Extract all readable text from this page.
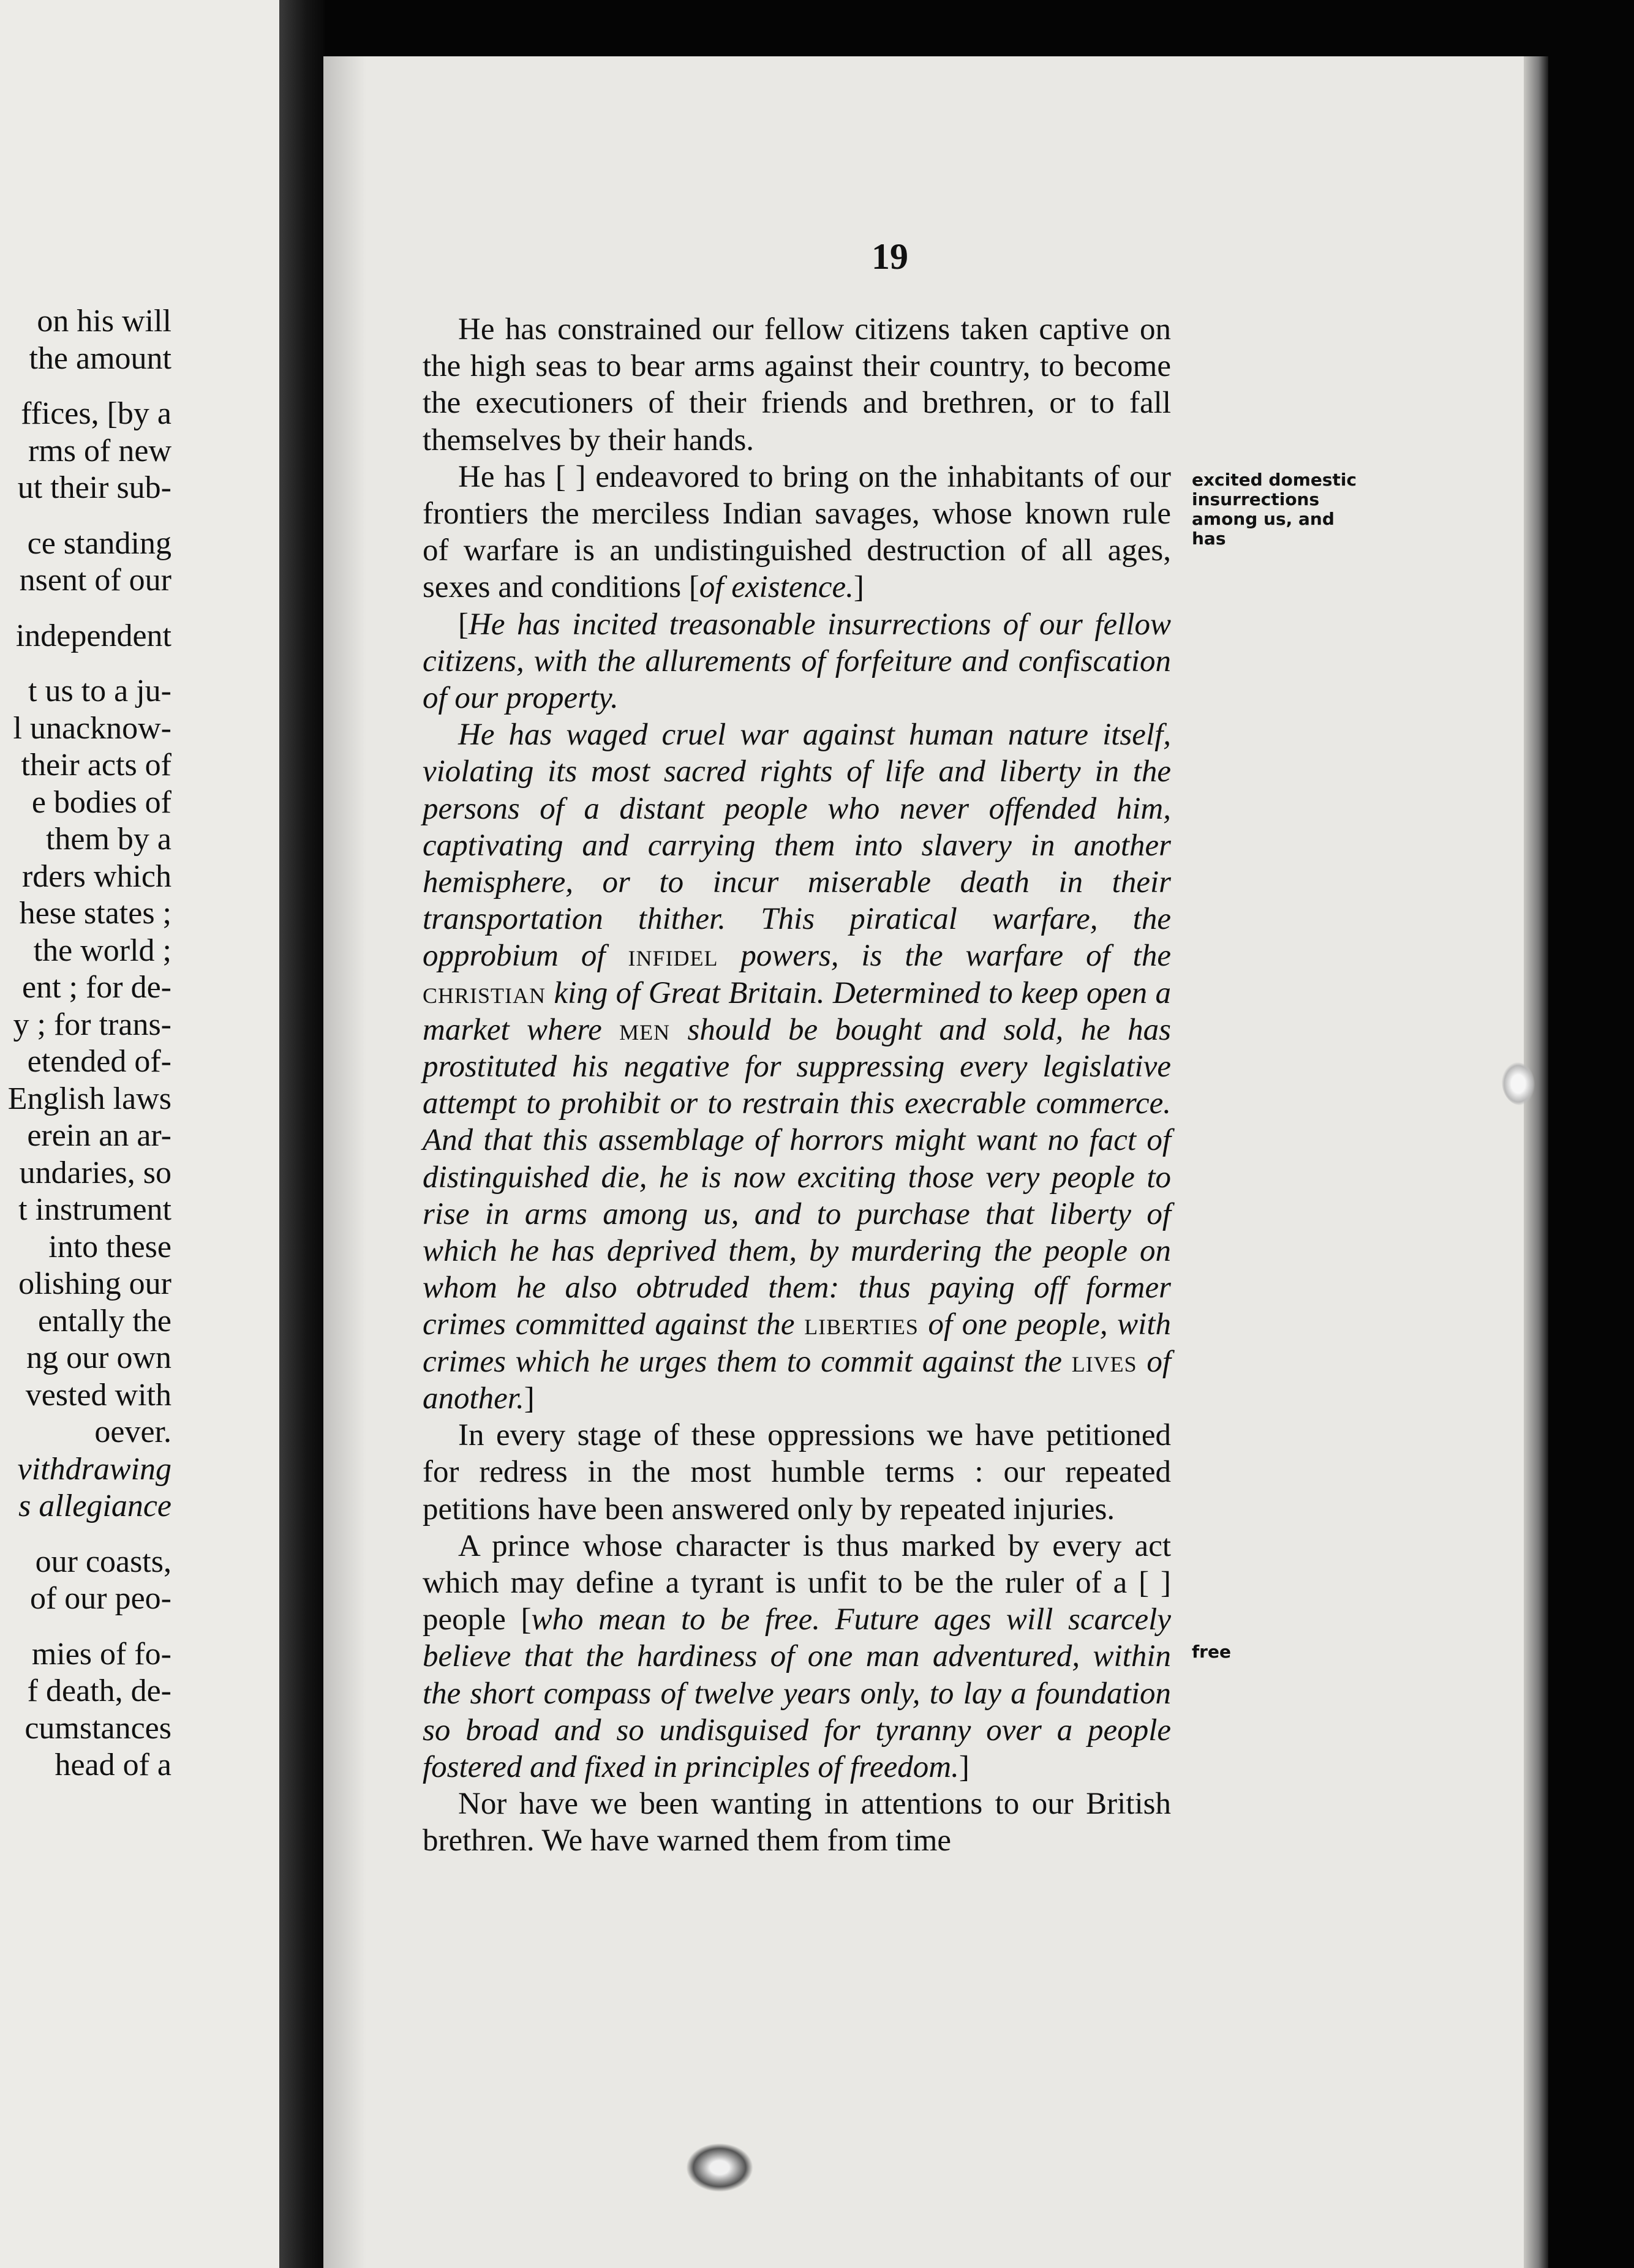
on his will
the amount
ffices, [by a
rms of new
ut their sub-
ce standing
nsent of our
independent
t us to a ju-
l unacknow-
their acts of
e bodies of
them by a
rders which
hese states ;
the world ;
ent ; for de-
y ; for trans-
etended of-
English laws
erein an ar-
undaries, so
t instrument
into these
olishing our
entally the
ng our own
vested with
oever.
vithdrawing
s allegiance
our coasts,
of our peo-
mies of fo-
f death, de-
cumstances
head of a
19

He has constrained our fellow citizens taken captive on the high seas to bear arms against their country, to become the executioners of their friends and brethren, or to fall themselves by their hands.

He has [ ] endeavored to bring on the inhabitants of our frontiers the merciless Indian savages, whose known rule of warfare is an undistinguished destruction of all ages, sexes and conditions [of existence.]

[He has incited treasonable insurrections of our fellow citizens, with the allurements of forfeiture and confiscation of our property.

He has waged cruel war against human nature itself, violating its most sacred rights of life and liberty in the persons of a distant people who never offended him, captivating and carrying them into slavery in another hemisphere, or to incur miserable death in their transportation thither. This piratical warfare, the opprobium of infidel powers, is the warfare of the christian king of Great Britain. Determined to keep open a market where men should be bought and sold, he has prostituted his negative for suppressing every legislative attempt to prohibit or to restrain this execrable commerce. And that this assemblage of horrors might want no fact of distinguished die, he is now exciting those very people to rise in arms among us, and to purchase that liberty of which he has deprived them, by murdering the people on whom he also obtruded them: thus paying off former crimes committed against the liberties of one people, with crimes which he urges them to commit against the lives of another.]

In every stage of these oppressions we have petitioned for redress in the most humble terms : our repeated petitions have been answered only by repeated injuries.

A prince whose character is thus marked by every act which may define a tyrant is unfit to be the ruler of a [ ] people [who mean to be free. Future ages will scarcely believe that the hardiness of one man adventured, within the short compass of twelve years only, to lay a foundation so broad and so undisguised for tyranny over a people fostered and fixed in principles of freedom.]

Nor have we been wanting in attentions to our British brethren. We have warned them from time

excited domestic insurrections among us, and has
free
